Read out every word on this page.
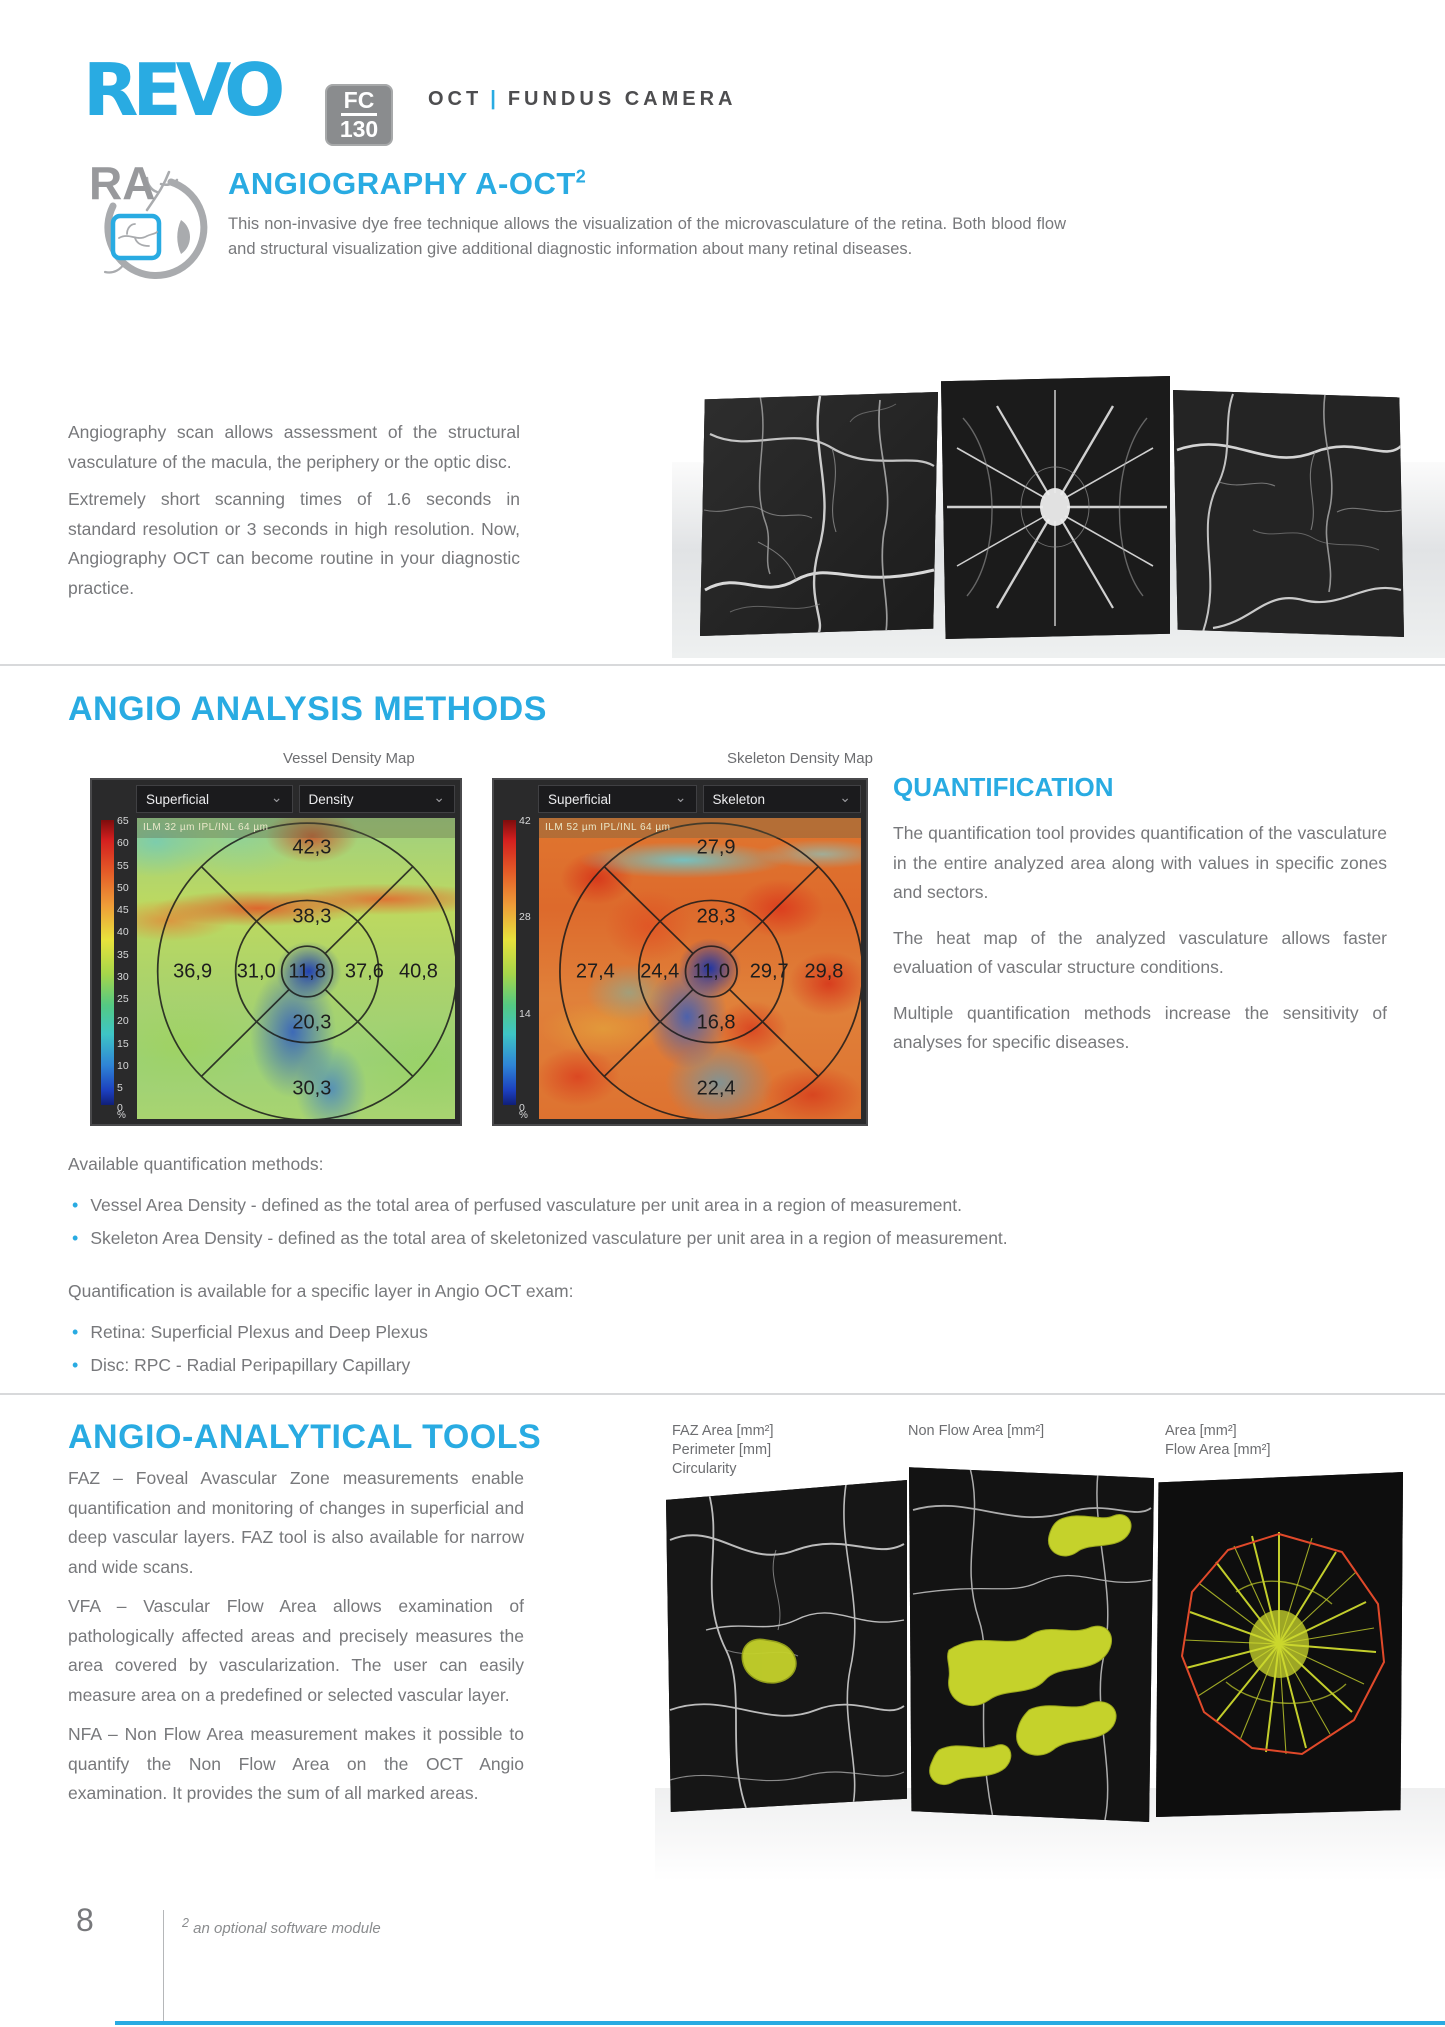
REVO	FC
130
OCT | FUNDUS CAMERA
RA ANGIOGRAPHY A-OCT$^2$
This non-invasive dye free technique allows the visualization of the microvasculature of the retina. Both blood flow and structural visualization give additional diagnostic information about many retinal diseases.

Angiography scan allows assessment of the structural vasculature of the macula, the periphery or the optic disc.

Extremely short scanning times of 1.6 seconds in standard resolution or 3 seconds in high resolution. Now, Angiography OCT can become routine in your diagnostic practice.

ANGIO ANALYSIS METHODS
Vessel Density Map	Skeleton Density Map
Superficial	⌄ Density	⌄
65
60
55
50
45
40
35
30
25
20
15
10
5
0
%
ILM 32 µm IPL/INL 64 µm
42,3
38,3
36,9 31,0 11,8 37,6 40,8
20,3
30,3
Superficial	⌄ Skeleton	⌄
42
28
14
0
%
ILM 52 µm IPL/INL 64 µm
27,9
28,3
27,4 24,4 11,0 29,7 29,8
16,8
22,4
QUANTIFICATION

The quantification tool provides quantification of the vasculature in the entire analyzed area along with values in specific zones and sectors.

The heat map of the analyzed vasculature allows faster evaluation of vascular structure conditions.

Multiple quantification methods increase the sensitivity of analyses for specific diseases.

Available quantification methods:

• Vessel Area Density - defined as the total area of perfused vasculature per unit area in a region of measurement.
• Skeleton Area Density - defined as the total area of skeletonized vasculature per unit area in a region of measurement.

Quantification is available for a specific layer in Angio OCT exam:

• Retina: Superficial Plexus and Deep Plexus
• Disc: RPC - Radial Peripapillary Capillary
ANGIO-ANALYTICAL TOOLS

FAZ – Foveal Avascular Zone measurements enable quantification and monitoring of changes in superficial and deep vascular layers. FAZ tool is also available for narrow and wide scans.

VFA – Vascular Flow Area allows examination of pathologically affected areas and precisely measures the area covered by vascularization. The user can easily measure area on a predefined or selected vascular layer.

NFA – Non Flow Area measurement makes it possible to quantify the Non Flow Area on the OCT Angio examination. It provides the sum of all marked areas.

FAZ Area [mm²]
Perimeter [mm]
Circularity
Non Flow Area [mm²]	Area [mm²]
Flow Area [mm²]
8	$^2$ an optional software module
